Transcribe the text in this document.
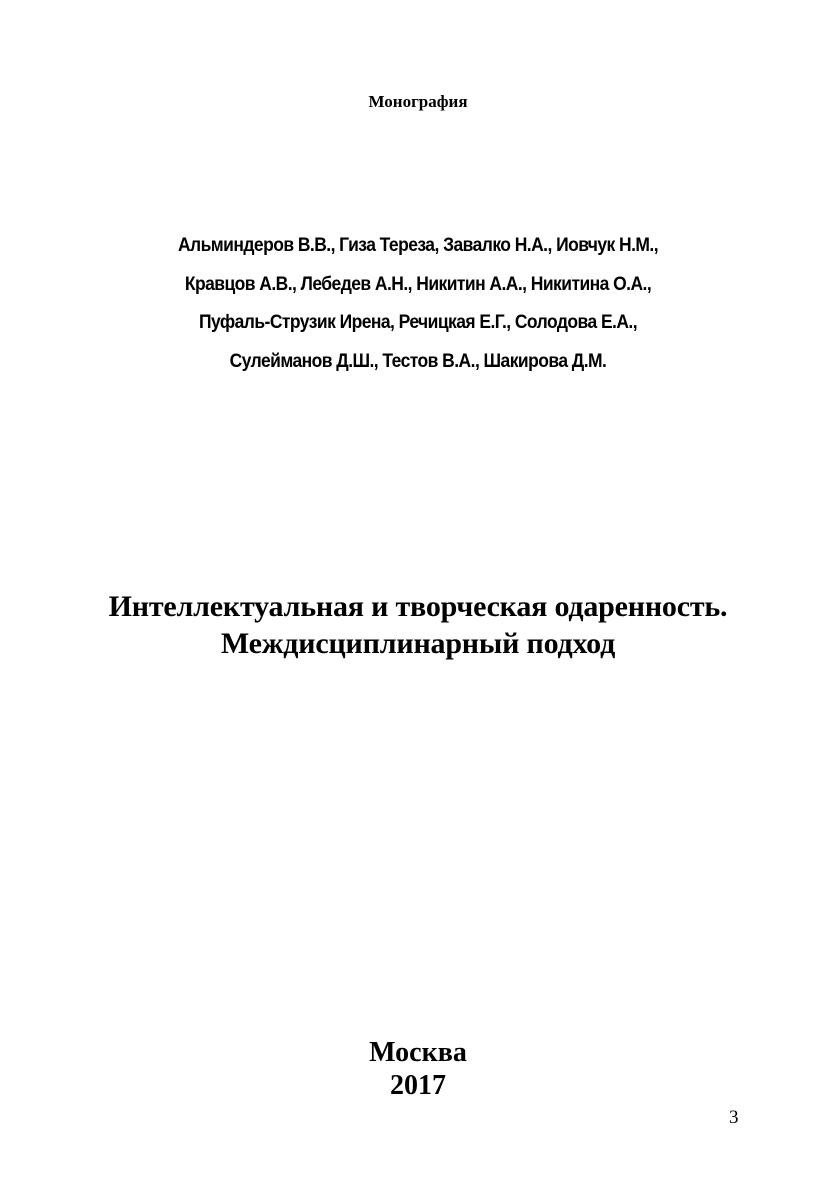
Монография
Альминдеров В.В., Гиза Тереза, Завалко Н.А., Иовчук Н.М.,
Кравцов А.В., Лебедев А.Н., Никитин А.А., Никитина О.А.,
Пуфаль-Струзик Ирена, Речицкая Е.Г., Солодова Е.А.,
Сулейманов Д.Ш., Тестов В.А., Шакирова Д.М.
Интеллектуальная и творческая одаренность.
Междисциплинарный подход
Москва
2017
3
